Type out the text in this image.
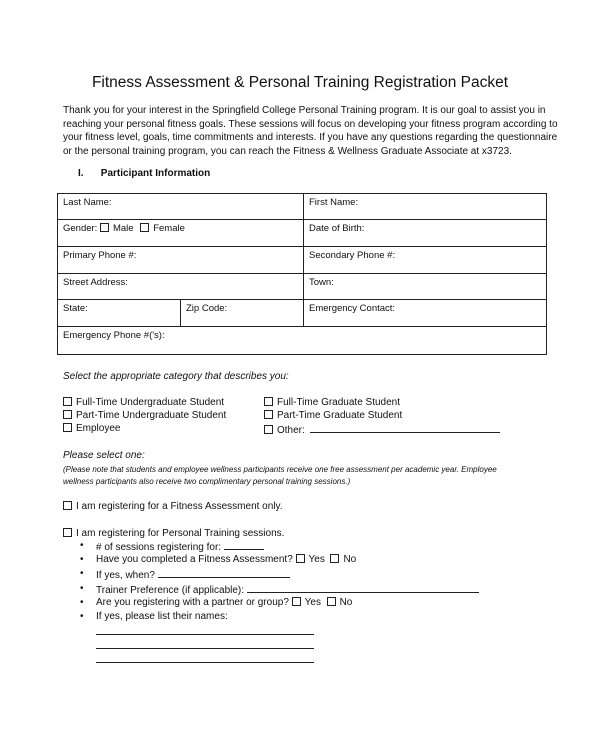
Fitness Assessment & Personal Training Registration Packet
Thank you for your interest in the Springfield College Personal Training program. It is our goal to assist you in
reaching your personal fitness goals. These sessions will focus on developing your fitness program according to
your fitness level, goals, time commitments and interests. If you have any questions regarding the questionnaire
or the personal training program, you can reach the Fitness & Wellness Graduate Associate at x3723.
I. Participant Information
Last Name:		First Name:
Gender: Male Female		Date of Birth:
Primary Phone #:		Secondary Phone #:
Street Address:		Town:
State:	Zip Code:	Emergency Contact:
Emergency Phone #('s):		
Select the appropriate category that describes you:
Full-Time Undergraduate Student
Part-Time Undergraduate Student
Employee
Full-Time Graduate Student
Part-Time Graduate Student
Other:
Please select one:
(Please note that students and employee wellness participants receive one free assessment per academic year. Employee
wellness participants also receive two complimentary personal training sessions.)
I am registering for a Fitness Assessment only.
I am registering for Personal Training sessions.
• # of sessions registering for:
• Have you completed a Fitness Assessment? Yes No
• If yes, when?
• Trainer Preference (if applicable):
• Are you registering with a partner or group? Yes No
• If yes, please list their names:
